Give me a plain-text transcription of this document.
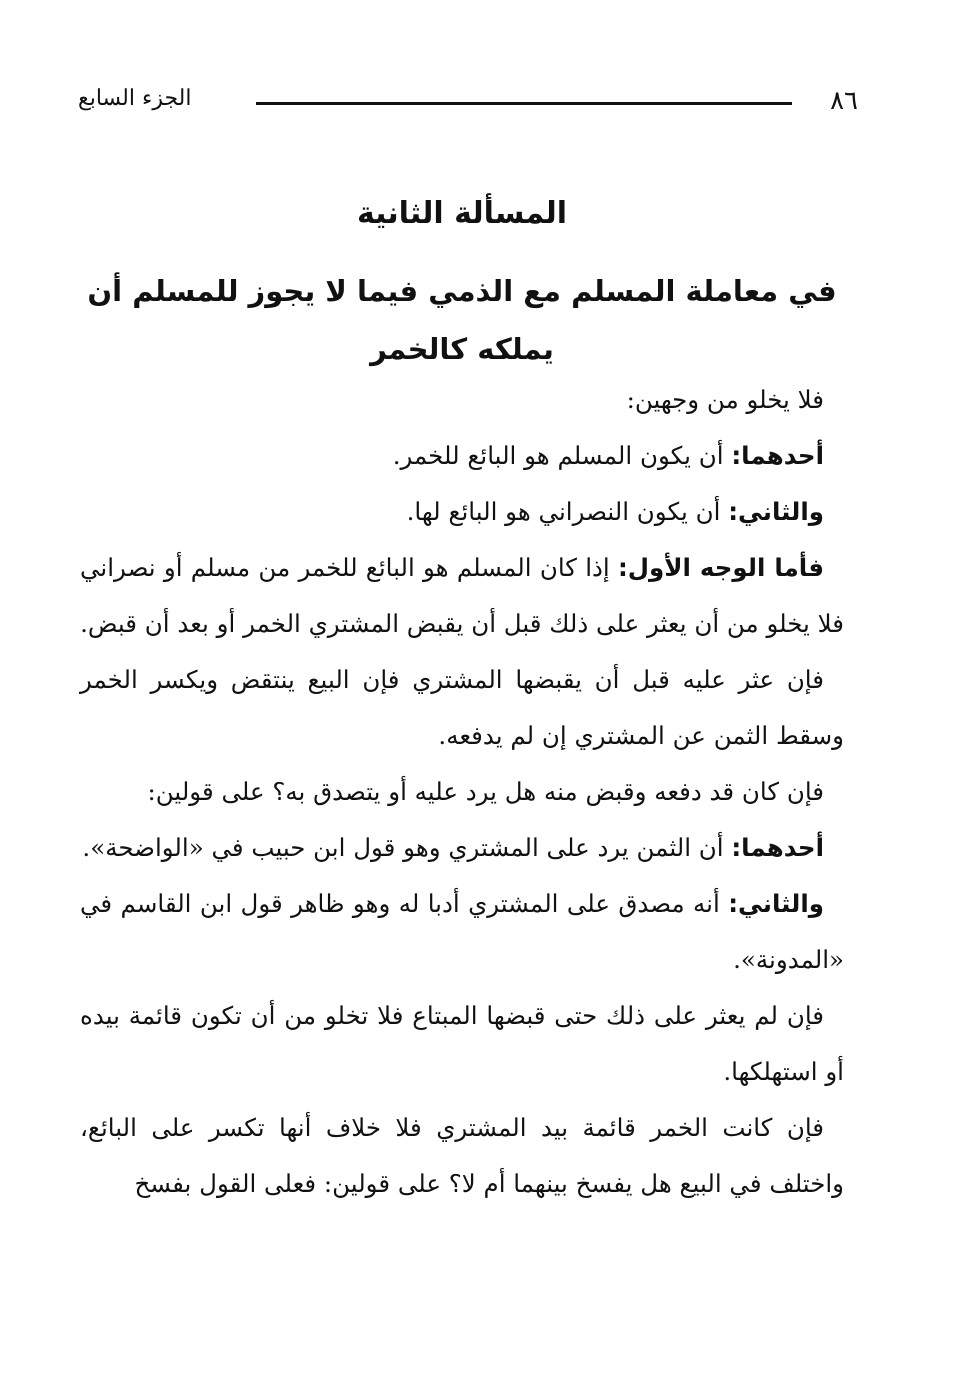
٨٦
الجزء السابع
المسألة الثانية
في معاملة المسلم مع الذمي فيما لا يجوز للمسلم أن يملكه كالخمر

فلا يخلو من وجهين:

أحدهما: أن يكون المسلم هو البائع للخمر.

والثاني: أن يكون النصراني هو البائع لها.

فأما الوجه الأول: إذا كان المسلم هو البائع للخمر من مسلم أو نصراني فلا يخلو من أن يعثر على ذلك قبل أن يقبض المشتري الخمر أو بعد أن قبض.

فإن عثر عليه قبل أن يقبضها المشتري فإن البيع ينتقض ويكسر الخمر وسقط الثمن عن المشتري إن لم يدفعه.

فإن كان قد دفعه وقبض منه هل يرد عليه أو يتصدق به؟ على قولين:

أحدهما: أن الثمن يرد على المشتري وهو قول ابن حبيب في «الواضحة».

والثاني: أنه مصدق على المشتري أدبا له وهو ظاهر قول ابن القاسم في «المدونة».

فإن لم يعثر على ذلك حتى قبضها المبتاع فلا تخلو من أن تكون قائمة بيده أو استهلكها.

فإن كانت الخمر قائمة بيد المشتري فلا خلاف أنها تكسر على البائع، واختلف في البيع هل يفسخ بينهما أم لا؟ على قولين: فعلى القول بفسخ
